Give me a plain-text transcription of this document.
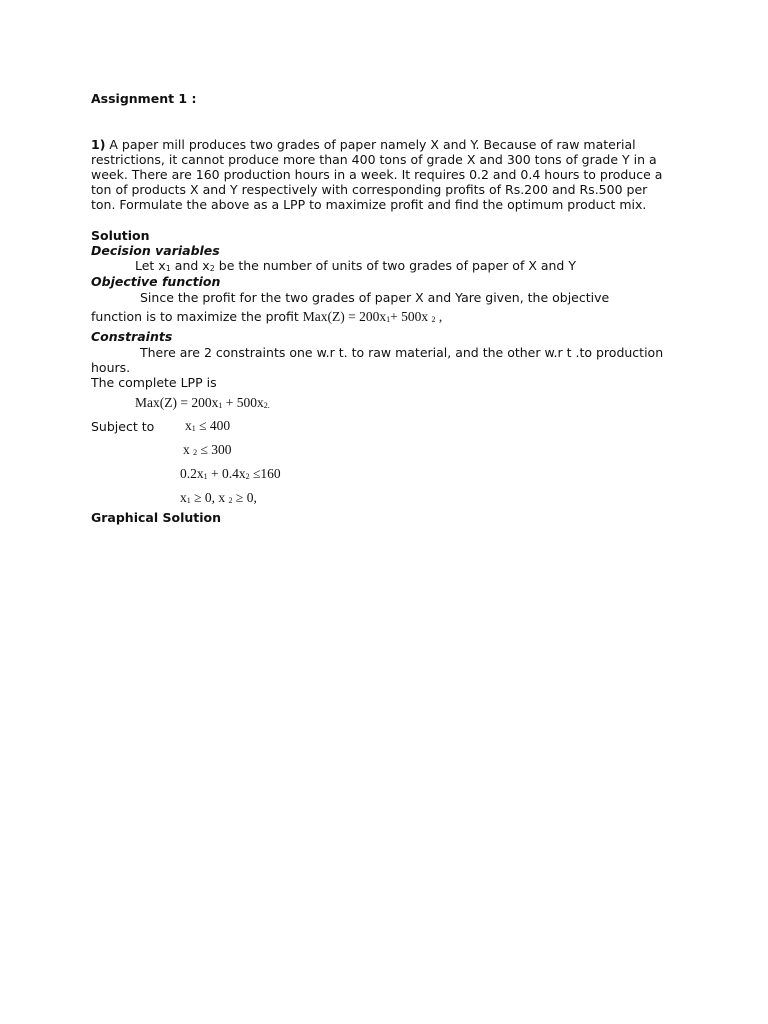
Assignment 1 :
1) A paper mill produces two grades of paper namely X and Y. Because of raw material
restrictions, it cannot produce more than 400 tons of grade X and 300 tons of grade Y in a
week. There are 160 production hours in a week. It requires 0.2 and 0.4 hours to produce a
ton of products X and Y respectively with corresponding profits of Rs.200 and Rs.500 per
ton. Formulate the above as a LPP to maximize profit and find the optimum product mix.
Solution
Decision variables
Let $x_1$ and $x_2$ be the number of units of two grades of paper of X and Y
Objective function
Since the profit for the two grades of paper X and Yare given, the objective
function is to maximize the profit $Max(Z) = 200x_1+ 500x$ $_2$ ,
Constraints
There are 2 constraints one w.r t. to raw material, and the other w.r t .to production
hours.
The complete LPP is
$Max(Z) = 200x_1 + 500x_{2.}$
Subject to $x_1 \le 400$
x $_2$ ≤ 300
$0.2x_1 + 0.4x_2 \le 160$
$x_1 \ge 0$, x $_2$ ≥ 0,
Graphical Solution
